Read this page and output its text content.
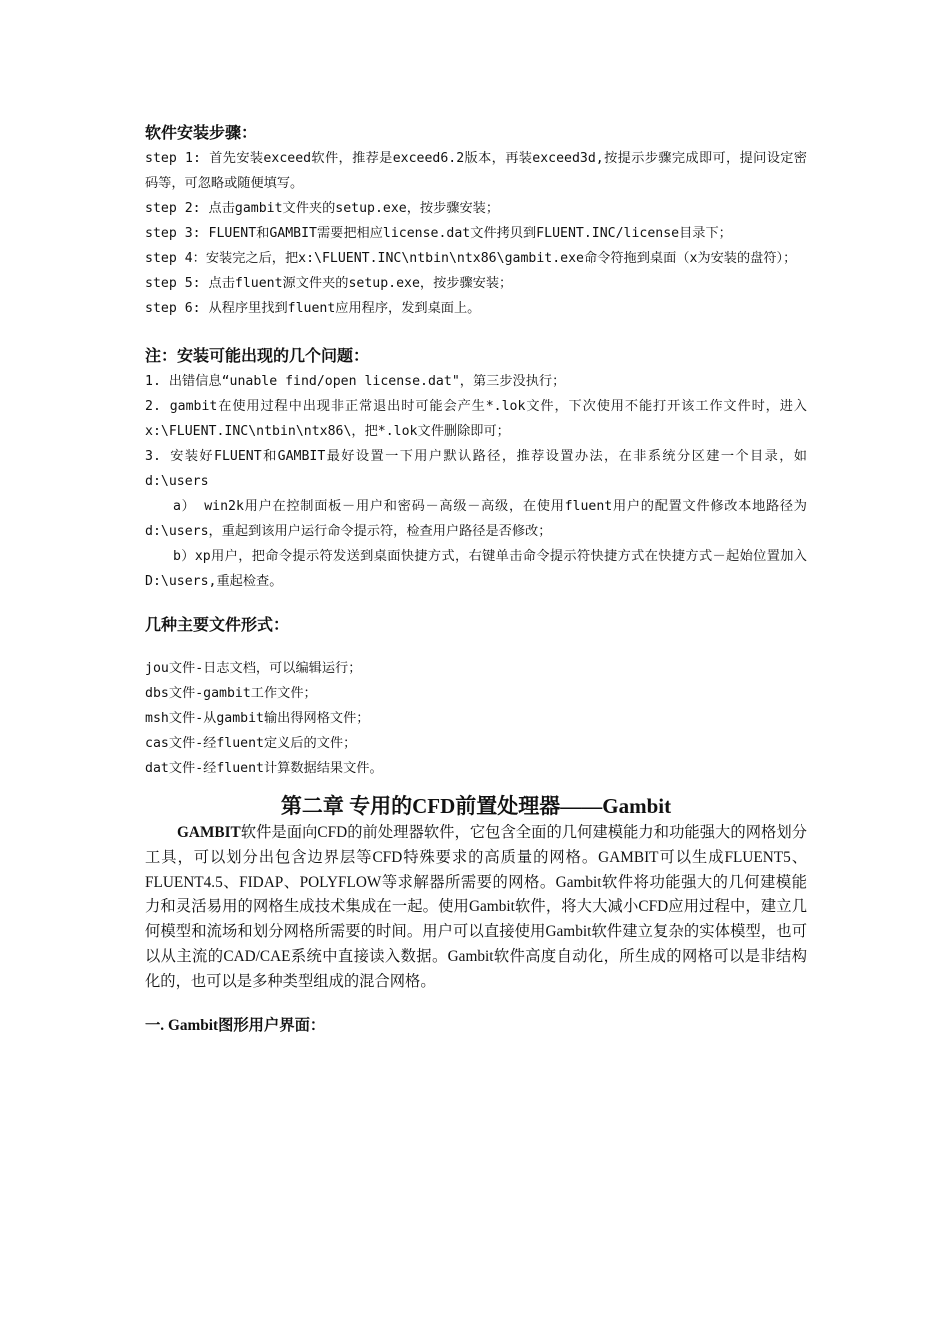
软件安装步骤：

step 1: 首先安装exceed软件，推荐是exceed6.2版本，再装exceed3d,按提示步骤完成即可，提问设定密码等，可忽略或随便填写。

step 2: 点击gambit文件夹的setup.exe，按步骤安装；

step 3: FLUENT和GAMBIT需要把相应license.dat文件拷贝到FLUENT.INC/license目录下；

step 4：安装完之后，把x:\FLUENT.INC\ntbin\ntx86\gambit.exe命令符拖到桌面（x为安装的盘符）；

step 5: 点击fluent源文件夹的setup.exe，按步骤安装；

step 6: 从程序里找到fluent应用程序，发到桌面上。

注：安装可能出现的几个问题：

1. 出错信息“unable find/open license.dat"，第三步没执行；

2. gambit在使用过程中出现非正常退出时可能会产生*.lok文件，下次使用不能打开该工作文件时，进入x:\FLUENT.INC\ntbin\ntx86\，把*.lok文件删除即可；

3. 安装好FLUENT和GAMBIT最好设置一下用户默认路径，推荐设置办法，在非系统分区建一个目录，如d:\users

a） win2k用户在控制面板－用户和密码－高级－高级，在使用fluent用户的配置文件修改本地路径为d:\users，重起到该用户运行命令提示符，检查用户路径是否修改；

b）xp用户，把命令提示符发送到桌面快捷方式，右键单击命令提示符快捷方式在快捷方式－起始位置加入D:\users,重起检查。

几种主要文件形式：

jou文件-日志文档，可以编辑运行；

dbs文件-gambit工作文件；

msh文件-从gambit输出得网格文件；

cas文件-经fluent定义后的文件；

dat文件-经fluent计算数据结果文件。

第二章 专用的CFD前置处理器——Gambit

GAMBIT软件是面向CFD的前处理器软件，它包含全面的几何建模能力和功能强大的网格划分工具，可以划分出包含边界层等CFD特殊要求的高质量的网格。GAMBIT可以生成FLUENT5、FLUENT4.5、FIDAP、POLYFLOW等求解器所需要的网格。Gambit软件将功能强大的几何建模能力和灵活易用的网格生成技术集成在一起。使用Gambit软件，将大大减小CFD应用过程中，建立几何模型和流场和划分网格所需要的时间。用户可以直接使用Gambit软件建立复杂的实体模型，也可以从主流的CAD/CAE系统中直接读入数据。Gambit软件高度自动化，所生成的网格可以是非结构化的，也可以是多种类型组成的混合网格。

一. Gambit图形用户界面：
